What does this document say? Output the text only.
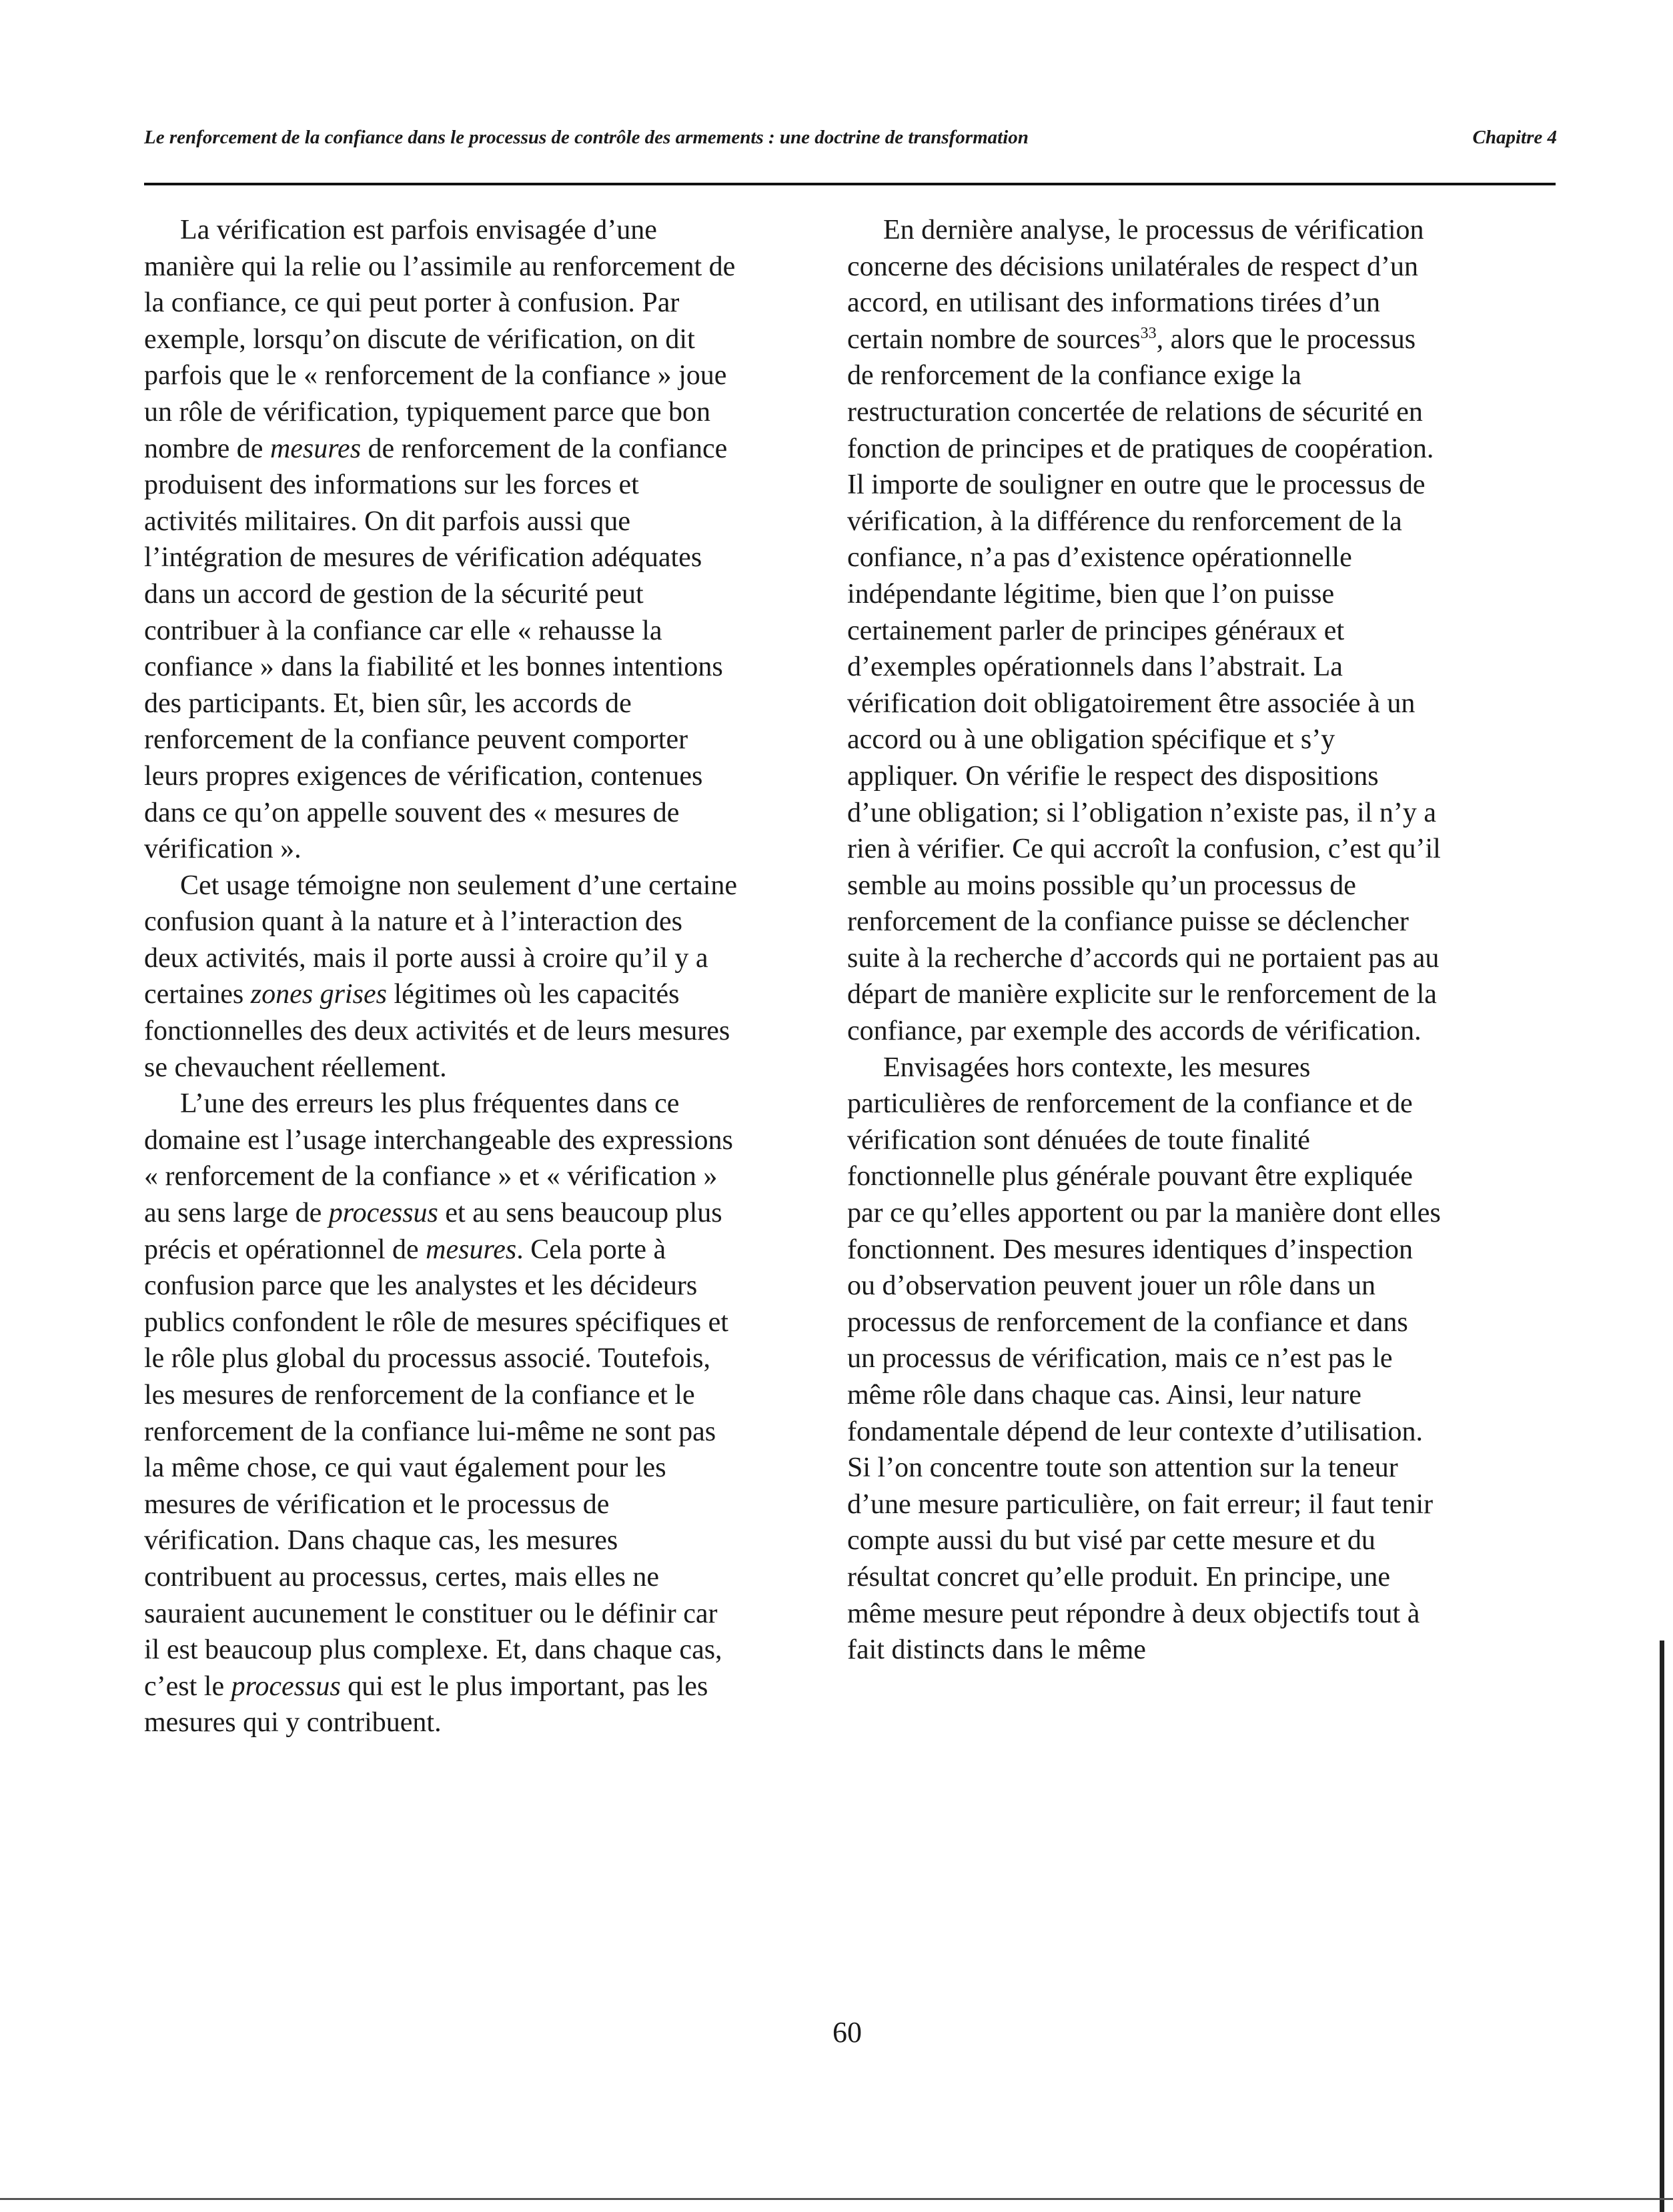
Le renforcement de la confiance dans le processus de contrôle des armements : une doctrine de transformation	Chapitre 4

La vérification est parfois envisagée d’une manière qui la relie ou l’assimile au renforcement de la confiance, ce qui peut porter à confusion. Par exemple, lorsqu’on discute de vérification, on dit parfois que le « renforcement de la confiance » joue un rôle de vérification, typiquement parce que bon nombre de mesures de renforcement de la confiance produisent des informations sur les forces et activités militaires. On dit parfois aussi que l’intégration de mesures de vérification adéquates dans un accord de gestion de la sécurité peut contribuer à la confiance car elle « rehausse la confiance » dans la fiabilité et les bonnes intentions des participants. Et, bien sûr, les accords de renforcement de la confiance peuvent comporter leurs propres exigences de vérification, contenues dans ce qu’on appelle souvent des « mesures de vérification ».

Cet usage témoigne non seulement d’une certaine confusion quant à la nature et à l’interaction des deux activités, mais il porte aussi à croire qu’il y a certaines zones grises légitimes où les capacités fonctionnelles des deux activités et de leurs mesures se chevauchent réellement.

L’une des erreurs les plus fréquentes dans ce domaine est l’usage interchangeable des expressions « renforcement de la confiance » et « vérification » au sens large de processus et au sens beaucoup plus précis et opérationnel de mesures. Cela porte à confusion parce que les analystes et les décideurs publics confondent le rôle de mesures spécifiques et le rôle plus global du processus associé. Toutefois, les mesures de renforcement de la confiance et le renforcement de la confiance lui-même ne sont pas la même chose, ce qui vaut également pour les mesures de vérification et le processus de vérification. Dans chaque cas, les mesures contribuent au processus, certes, mais elles ne sauraient aucunement le constituer ou le définir car il est beaucoup plus complexe. Et, dans chaque cas, c’est le processus qui est le plus important, pas les mesures qui y contribuent.

En dernière analyse, le processus de vérification concerne des décisions unilatérales de respect d’un accord, en utilisant des informations tirées d’un certain nombre de sources$^{33}$, alors que le processus de renforcement de la confiance exige la restructuration concertée de relations de sécurité en fonction de principes et de pratiques de coopération. Il importe de souligner en outre que le processus de vérification, à la différence du renforcement de la confiance, n’a pas d’existence opérationnelle indépendante légitime, bien que l’on puisse certainement parler de principes généraux et d’exemples opérationnels dans l’abstrait. La vérification doit obligatoirement être associée à un accord ou à une obligation spécifique et s’y appliquer. On vérifie le respect des dispositions d’une obligation; si l’obligation n’existe pas, il n’y a rien à vérifier. Ce qui accroît la confusion, c’est qu’il semble au moins possible qu’un processus de renforcement de la confiance puisse se déclencher suite à la recherche d’accords qui ne portaient pas au départ de manière explicite sur le renforcement de la confiance, par exemple des accords de vérification.

Envisagées hors contexte, les mesures particulières de renforcement de la confiance et de vérification sont dénuées de toute finalité fonctionnelle plus générale pouvant être expliquée par ce qu’elles apportent ou par la manière dont elles fonctionnent. Des mesures identiques d’inspection ou d’observation peuvent jouer un rôle dans un processus de renforcement de la confiance et dans un processus de vérification, mais ce n’est pas le même rôle dans chaque cas. Ainsi, leur nature fondamentale dépend de leur contexte d’utilisation. Si l’on concentre toute son attention sur la teneur d’une mesure particulière, on fait erreur; il faut tenir compte aussi du but visé par cette mesure et du résultat concret qu’elle produit. En principe, une même mesure peut répondre à deux objectifs tout à fait distincts dans le même

60
